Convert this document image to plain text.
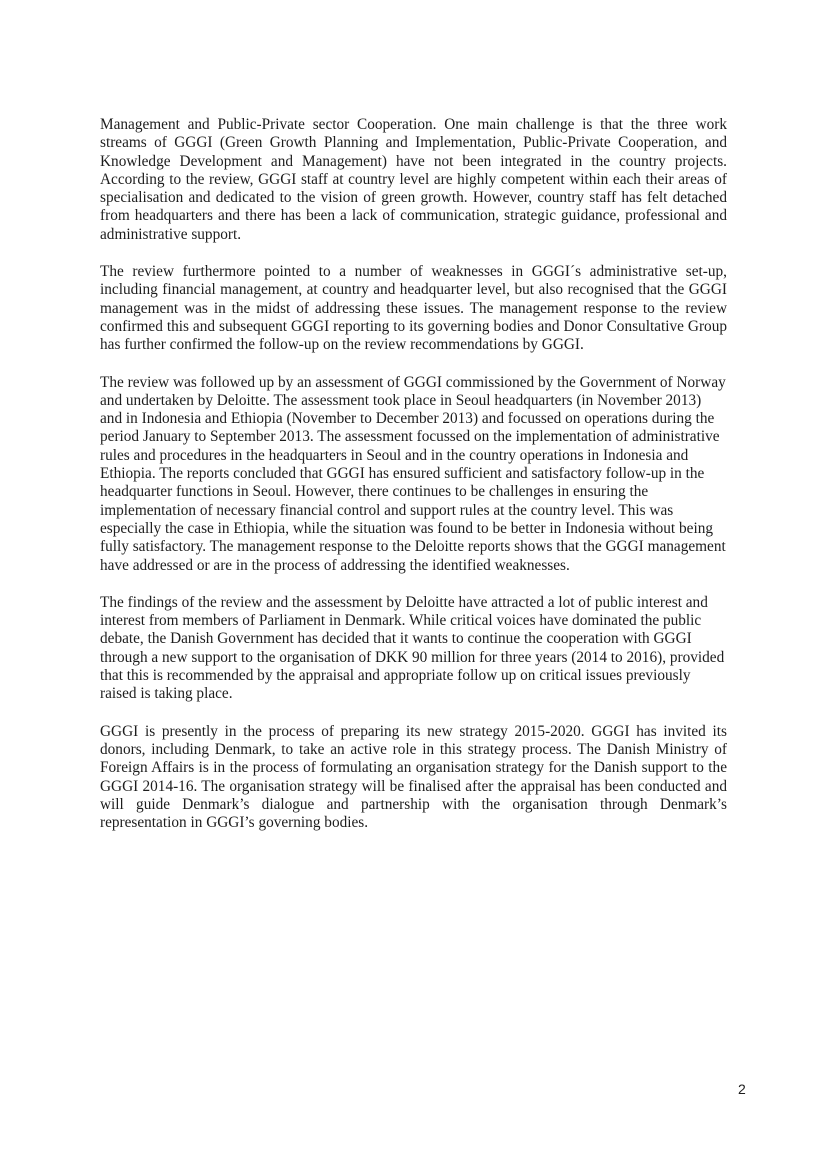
Management and Public-Private sector Cooperation. One main challenge is that the three work streams of GGGI (Green Growth Planning and Implementation, Public-Private Cooperation, and Knowledge Development and Management) have not been integrated in the country projects. According to the review, GGGI staff at country level are highly competent within each their areas of specialisation and dedicated to the vision of green growth. However, country staff has felt detached from headquarters and there has been a lack of communication, strategic guidance, professional and administrative support.

The review furthermore pointed to a number of weaknesses in GGGI´s administrative set-up, including financial management, at country and headquarter level, but also recognised that the GGGI management was in the midst of addressing these issues. The management response to the review confirmed this and subsequent GGGI reporting to its governing bodies and Donor Consultative Group has further confirmed the follow-up on the review recommendations by GGGI.

The review was followed up by an assessment of GGGI commissioned by the Government of Norway and undertaken by Deloitte. The assessment took place in Seoul headquarters (in November 2013) and in Indonesia and Ethiopia (November to December 2013) and focussed on operations during the period January to September 2013. The assessment focussed on the implementation of administrative rules and procedures in the headquarters in Seoul and in the country operations in Indonesia and Ethiopia. The reports concluded that GGGI has ensured sufficient and satisfactory follow-up in the headquarter functions in Seoul. However, there continues to be challenges in ensuring the implementation of necessary financial control and support rules at the country level. This was especially the case in Ethiopia, while the situation was found to be better in Indonesia without being fully satisfactory. The management response to the Deloitte reports shows that the GGGI management have addressed or are in the process of addressing the identified weaknesses.

The findings of the review and the assessment by Deloitte have attracted a lot of public interest and interest from members of Parliament in Denmark. While critical voices have dominated the public debate, the Danish Government has decided that it wants to continue the cooperation with GGGI through a new support to the organisation of DKK 90 million for three years (2014 to 2016), provided that this is recommended by the appraisal and appropriate follow up on critical issues previously raised is taking place.

GGGI is presently in the process of preparing its new strategy 2015-2020. GGGI has invited its donors, including Denmark, to take an active role in this strategy process. The Danish Ministry of Foreign Affairs is in the process of formulating an organisation strategy for the Danish support to the GGGI 2014-16. The organisation strategy will be finalised after the appraisal has been conducted and will guide Denmark’s dialogue and partnership with the organisation through Denmark’s representation in GGGI’s governing bodies.

2
